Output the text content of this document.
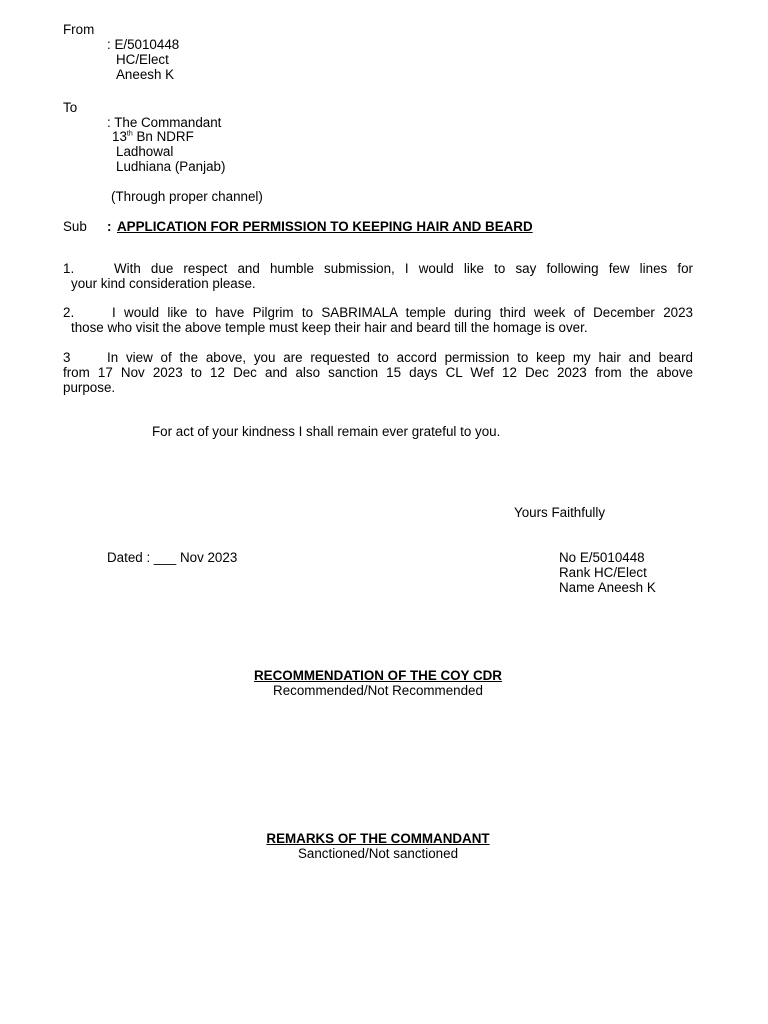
From
: E/5010448
HC/Elect
Aneesh K
To
: The Commandant
13th Bn NDRF
Ladhowal
Ludhiana (Panjab)
(Through proper channel)
Sub : APPLICATION FOR PERMISSION TO KEEPING HAIR AND BEARD
1.	With due respect and humble submission, I would like to say following few lines for
your kind consideration please.
2.	I would like to have Pilgrim to SABRIMALA temple during third week of December 2023
those who visit the above temple must keep their hair and beard till the homage is over.
3	In view of the above, you are requested to accord permission to keep my hair and beard
from 17 Nov 2023 to 12 Dec and also sanction 15 days CL Wef 12 Dec 2023 from the above
purpose.
For act of your kindness I shall remain ever grateful to you.
Yours Faithfully
Dated : ___ Nov 2023	No E/5010448
Rank HC/Elect
Name Aneesh K
RECOMMENDATION OF THE COY CDR
Recommended/Not Recommended
REMARKS OF THE COMMANDANT
Sanctioned/Not sanctioned
